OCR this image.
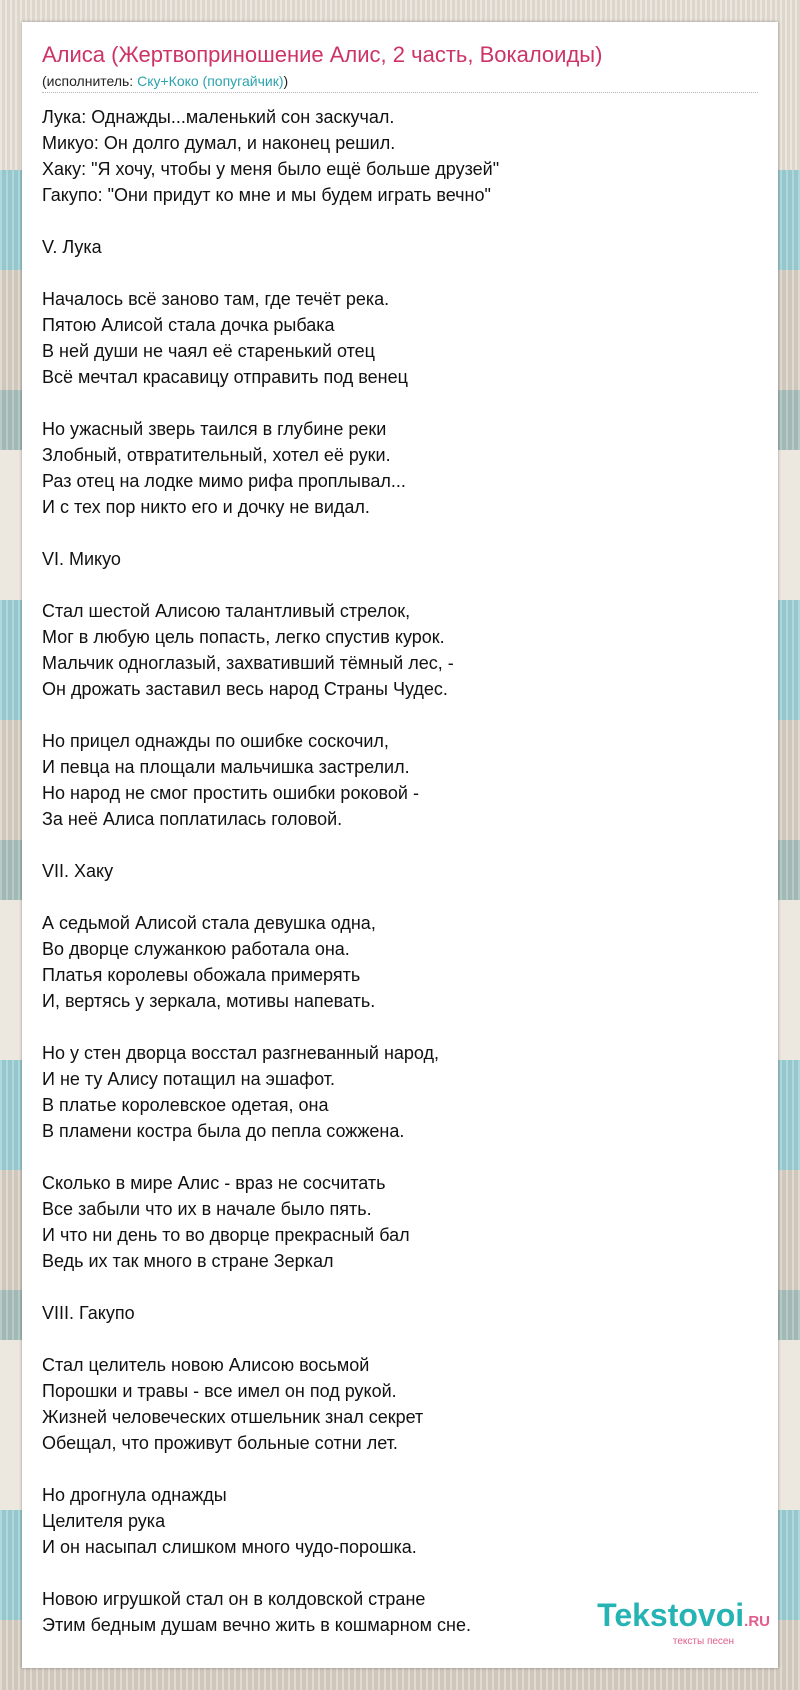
Алиса (Жертвоприношение Алис, 2 часть, Вокалоиды)
(исполнитель: Ску+Коко (попугайчик))
Лука: Однажды...маленький сон заскучал.
Микуо: Он долго думал, и наконец решил.
Хаку: "Я хочу, чтобы у меня было ещё больше друзей"
Гакупо: "Они придут ко мне и мы будем играть вечно"
V. Лука
Началось всё заново там, где течёт река.
Пятою Алисой стала дочка рыбака
В ней души не чаял её старенький отец
Всё мечтал красавицу отправить под венец
Но ужасный зверь таился в глубине реки
Злобный, отвратительный, хотел её руки.
Раз отец на лодке мимо рифа проплывал...
И с тех пор никто его и дочку не видал.
VI. Микуо
Стал шестой Алисою талантливый стрелок,
Мог в любую цель попасть, легко спустив курок.
Мальчик одноглазый, захвативший тёмный лес, -
Он дрожать заставил весь народ Страны Чудес.
Но прицел однажды по ошибке соскочил,
И певца на площали мальчишка застрелил.
Но народ не смог простить ошибки роковой -
За неё Алиса поплатилась головой.
VII. Хаку
А седьмой Алисой стала девушка одна,
Во дворце служанкою работала она.
Платья королевы обожала примерять
И, вертясь у зеркала, мотивы напевать.
Но у стен дворца восстал разгневанный народ,
И не ту Алису потащил на эшафот.
В платье королевское одетая, она
В пламени костра была до пепла сожжена.
Сколько в мире Алис - враз не сосчитать
Все забыли что их в начале было пять.
И что ни день то во дворце прекрасный бал
Ведь их так много в стране Зеркал
VIII. Гакупо
Стал целитель новою Алисою восьмой
Порошки и травы - все имел он под рукой.
Жизней человеческих отшельник знал секрет
Обещал, что проживут больные сотни лет.
Но дрогнула однажды
Целителя рука
И он насыпал слишком много чудо-порошка.
Новою игрушкой стал он в колдовской стране
Этим бедным душам вечно жить в кошмарном сне.	Tekstovoi.RU
тексты песен
